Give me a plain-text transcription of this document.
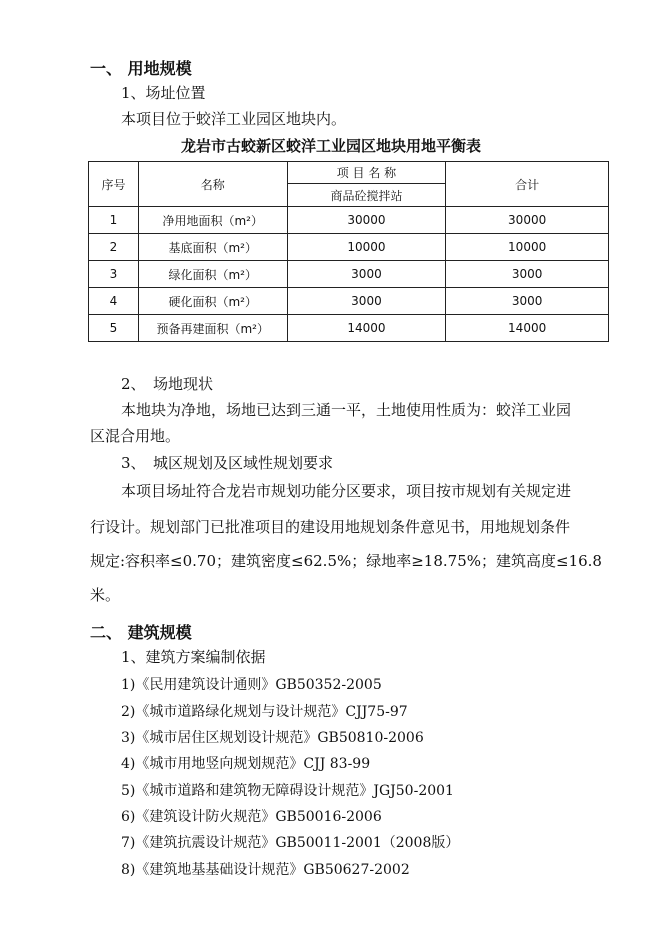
一、 用地规模
1、场址位置
本项目位于蛟洋工业园区地块内。
龙岩市古蛟新区蛟洋工业园区地块用地平衡表
序号	名称	项 目 名 称	合计
		商品砼搅拌站	
1	净用地面积（m²）	30000	30000
2	基底面积（m²）	10000	10000
3	绿化面积（m²）	3000	3000
4	硬化面积（m²）	3000	3000
5	预备再建面积（m²）	14000	14000
2、　场地现状
本地块为净地，场地已达到三通一平，土地使用性质为：蛟洋工业园
区混合用地。
3、　城区规划及区域性规划要求
本项目场址符合龙岩市规划功能分区要求，项目按市规划有关规定进
行设计。规划部门已批准项目的建设用地规划条件意见书，用地规划条件
规定:容积率≤0.70；建筑密度≤62.5%；绿地率≥18.75%；建筑高度≤16.8
米。
二、 建筑规模
1、建筑方案编制依据
1)《民用建筑设计通则》GB50352-2005
2)《城市道路绿化规划与设计规范》CJJ75-97
3)《城市居住区规划设计规范》GB50810-2006
4)《城市用地竖向规划规范》CJJ 83-99
5)《城市道路和建筑物无障碍设计规范》JGJ50-2001
6)《建筑设计防火规范》GB50016-2006
7)《建筑抗震设计规范》GB50011-2001（2008版）
8)《建筑地基基础设计规范》GB50627-2002
